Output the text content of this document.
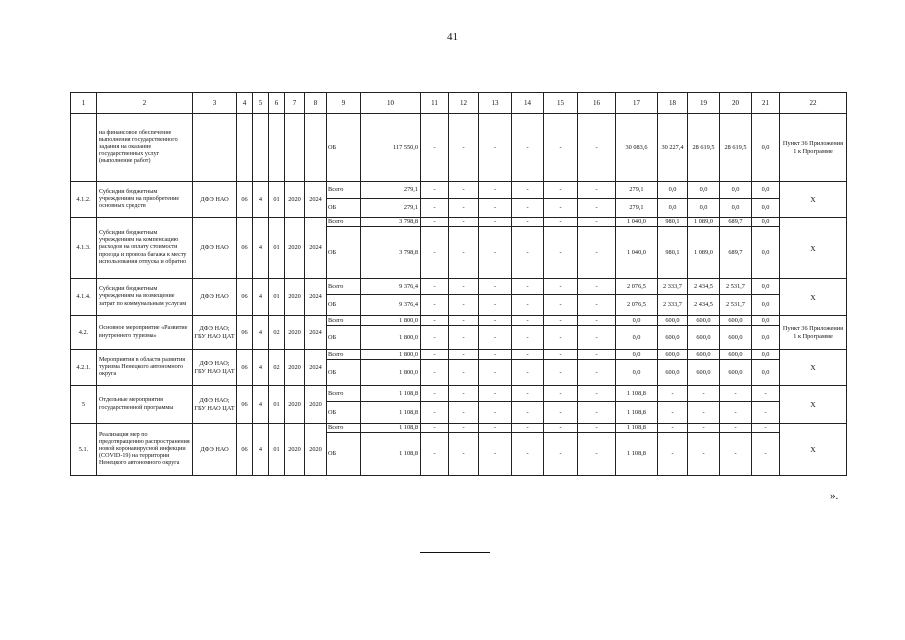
41
1	2	3	4	5	6	7	8	9	10	11	12	13	14	15	16	17	18	19	20	21	22
	на финансовое обеспечение выполнения государственного задания на оказание государственных услуг (выполнение работ)							ОБ	117 550,0	-	-	-	-	-	-	30 083,6	30 227,4	28 619,5	28 619,5	0,0	Пункт 36 Приложения 1 к Программе
4.1.2.	Субсидии бюджетным учреждениям на приобретение основных средств	ДФЭ НАО	06	4	01	2020	2024	Всего	279,1	-	-	-	-	-	-	279,1	0,0	0,0	0,0	0,0	Х
								ОБ	279,1	-	-	-	-	-	-	279,1	0,0	0,0	0,0	0,0	
4.1.3.	Субсидии бюджетным учреждениям на компенсацию расходов на оплату стоимости проезда и провоза багажа к месту использования отпуска и обратно	ДФЭ НАО	06	4	01	2020	2024	Всего	3 798,8	-	-	-	-	-	-	1 040,0	980,1	1 089,0	689,7	0,0	Х
								ОБ	3 798,8	-	-	-	-	-	-	1 040,0	980,1	1 089,0	689,7	0,0	
4.1.4.	Субсидии бюджетным учреждениям на возмещение затрат по коммунальным услугам	ДФЭ НАО	06	4	01	2020	2024	Всего	9 376,4	-	-	-	-	-	-	2 076,5	2 333,7	2 434,5	2 531,7	0,0	Х
								ОБ	9 376,4	-	-	-	-	-	-	2 076,5	2 333,7	2 434,5	2 531,7	0,0	
4.2.	Основное мероприятие «Развитие внутреннего туризма»	ДФЭ НАО; ГБУ НАО ЦАТ	06	4	02	2020	2024	Всего	1 800,0	-	-	-	-	-	-	0,0	600,0	600,0	600,0	0,0	Пункт 36 Приложения 1 к Программе
								ОБ	1 800,0	-	-	-	-	-	-	0,0	600,0	600,0	600,0	0,0	
4.2.1.	Мероприятия в области развития туризма Ненецкого автономного округа	ДФЭ НАО; ГБУ НАО ЦАТ	06	4	02	2020	2024	Всего	1 800,0	-	-	-	-	-	-	0,0	600,0	600,0	600,0	0,0	Х
								ОБ	1 800,0	-	-	-	-	-	-	0,0	600,0	600,0	600,0	0,0	
5	Отдельные мероприятия государственной программы	ДФЭ НАО; ГБУ НАО ЦАТ	06	4	01	2020	2020	Всего	1 108,8	-	-	-	-	-	-	1 108,8	-	-	-	-	Х
								ОБ	1 108,8	-	-	-	-	-	-	1 108,8	-	-	-	-	
5.1.	Реализация мер по предотвращению распространения новой коронавирусной инфекции (COVID-19) на территории Ненецкого автономного округа	ДФЭ НАО	06	4	01	2020	2020	Всего	1 108,8	-	-	-	-	-	-	1 108,8	-	-	-	-	Х
								ОБ	1 108,8	-	-	-	-	-	-	1 108,8	-	-	-	-	
».
